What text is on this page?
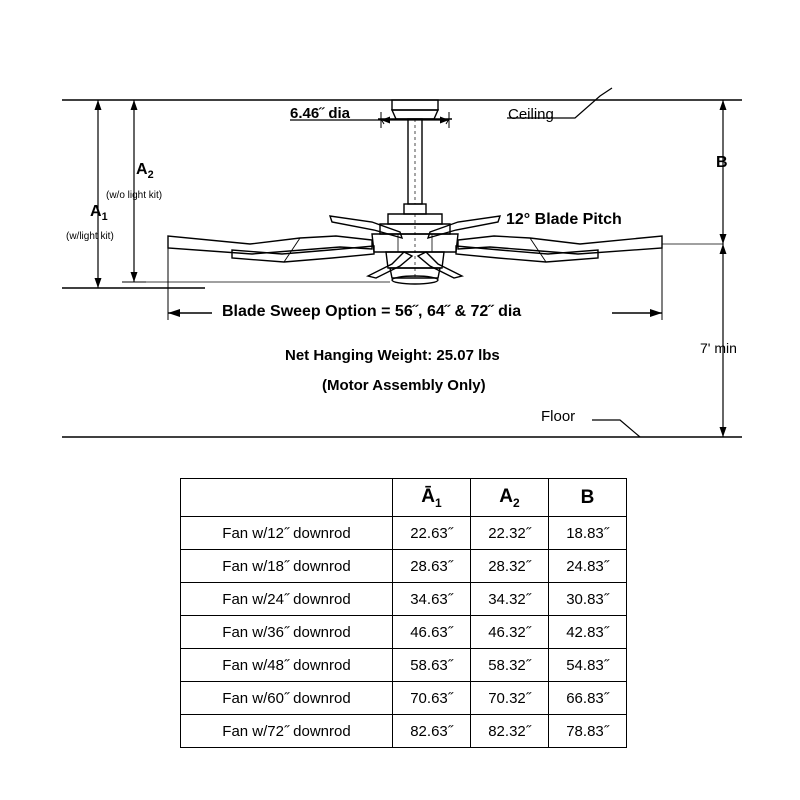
6.46˝ dia	Ceiling
Floor
12° Blade Pitch
Blade Sweep Option = 56˝, 64˝ & 72˝ dia
Net Hanging Weight: 25.07 lbs
(Motor Assembly Only)
7' min
$A_2$
(w/o light kit)
$A_1$
(w/light kit)
B
	$Ā_1$	$A_2$	B
Fan w/12˝ downrod	22.63˝	22.32˝	18.83˝
Fan w/18˝ downrod	28.63˝	28.32˝	24.83˝
Fan w/24˝ downrod	34.63˝	34.32˝	30.83˝
Fan w/36˝ downrod	46.63˝	46.32˝	42.83˝
Fan w/48˝ downrod	58.63˝	58.32˝	54.83˝
Fan w/60˝ downrod	70.63˝	70.32˝	66.83˝
Fan w/72˝ downrod	82.63˝	82.32˝	78.83˝
